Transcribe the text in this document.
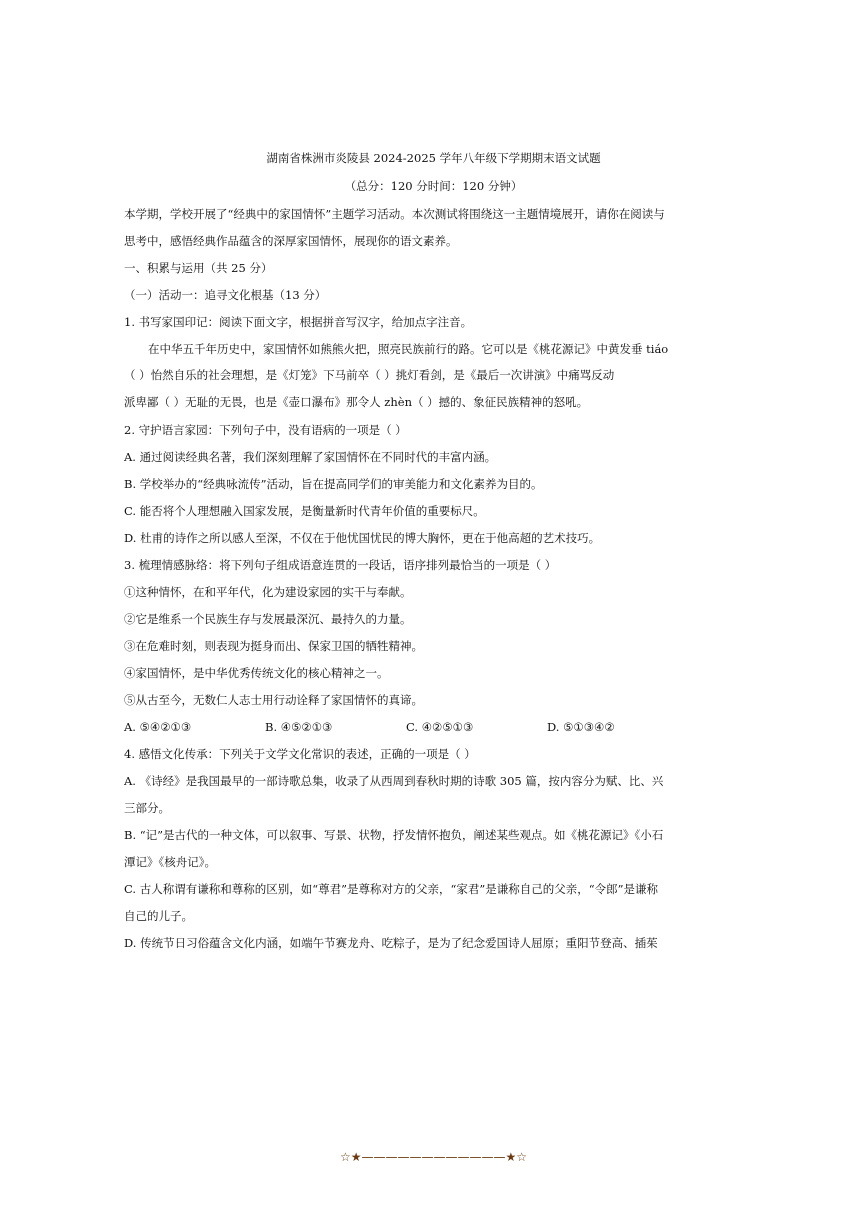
湖南省株洲市炎陵县 2024-2025 学年八年级下学期期末语文试题
（总分：120 分时间：120 分钟）
本学期，学校开展了“经典中的家国情怀”主题学习活动。本次测试将围绕这一主题情境展开，请你在阅读与
思考中，感悟经典作品蕴含的深厚家国情怀，展现你的语文素养。
一、积累与运用（共 25 分）
（一）活动一：追寻文化根基（13 分）
1. 书写家国印记：阅读下面文字，根据拼音写汉字，给加点字注音。
在中华五千年历史中，家国情怀如熊熊火把，照亮民族前行的路。它可以是《桃花源记》中黄发垂 tiáo
（ ）怡然自乐的社会理想，是《灯笼》下马前卒（ ）挑灯看剑，是《最后一次讲演》中痛骂反动
派卑鄙（ ）无耻的无畏，也是《壶口瀑布》那令人 zhèn（ ）撼的、象征民族精神的怒吼。
2. 守护语言家园：下列句子中，没有语病的一项是（ ）
A. 通过阅读经典名著，我们深刻理解了家国情怀在不同时代的丰富内涵。
B. 学校举办的“经典咏流传”活动，旨在提高同学们的审美能力和文化素养为目的。
C. 能否将个人理想融入国家发展，是衡量新时代青年价值的重要标尺。
D. 杜甫的诗作之所以感人至深，不仅在于他忧国忧民的博大胸怀，更在于他高超的艺术技巧。
3. 梳理情感脉络：将下列句子组成语意连贯的一段话，语序排列最恰当的一项是（ ）
①这种情怀，在和平年代，化为建设家园的实干与奉献。
②它是维系一个民族生存与发展最深沉、最持久的力量。
③在危难时刻，则表现为挺身而出、保家卫国的牺牲精神。
④家国情怀，是中华优秀传统文化的核心精神之一。
⑤从古至今，无数仁人志士用行动诠释了家国情怀的真谛。
A. ⑤④②①③	B. ④⑤②①③	C. ④②⑤①③	D. ⑤①③④②
4. 感悟文化传承：下列关于文学文化常识的表述，正确的一项是（ ）
A. 《诗经》是我国最早的一部诗歌总集，收录了从西周到春秋时期的诗歌 305 篇，按内容分为赋、比、兴
三部分。
B. “记”是古代的一种文体，可以叙事、写景、状物，抒发情怀抱负，阐述某些观点。如《桃花源记》《小石
潭记》《核舟记》。
C. 古人称谓有谦称和尊称的区别，如“尊君”是尊称对方的父亲，“家君”是谦称自己的父亲，“令郎”是谦称
自己的儿子。
D. 传统节日习俗蕴含文化内涵，如端午节赛龙舟、吃粽子，是为了纪念爱国诗人屈原；重阳节登高、插茱
☆★————————————★☆
